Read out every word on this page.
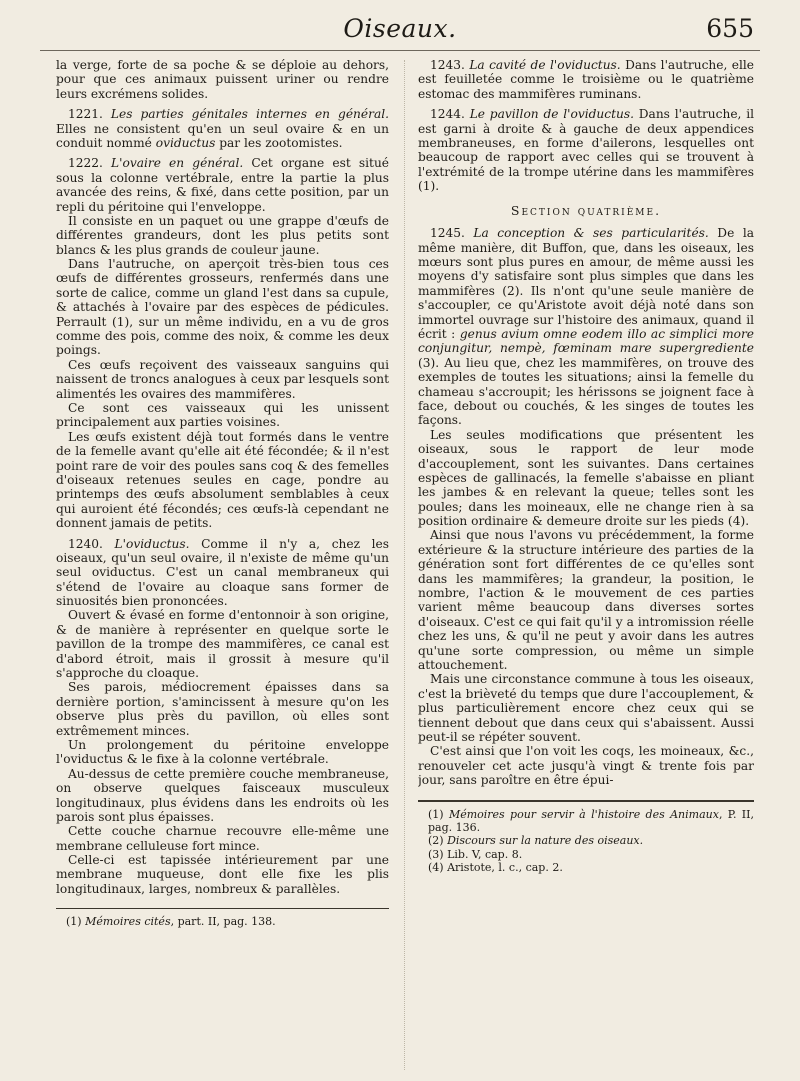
Oiseaux.	655

la verge, forte de sa poche & se déploie au dehors, pour que ces animaux puissent uriner ou rendre leurs excrémens solides.

1221. Les parties génitales internes en général. Elles ne consistent qu'en un seul ovaire & en un conduit nommé oviductus par les zootomistes.

1222. L'ovaire en général. Cet organe est situé sous la colonne vertébrale, entre la partie la plus avancée des reins, & fixé, dans cette position, par un repli du péritoine qui l'enveloppe.

Il consiste en un paquet ou une grappe d'œufs de différentes grandeurs, dont les plus petits sont blancs & les plus grands de couleur jaune.

Dans l'autruche, on aperçoit très-bien tous ces œufs de différentes grosseurs, renfermés dans une sorte de calice, comme un gland l'est dans sa cupule, & attachés à l'ovaire par des espèces de pédicules. Perrault (1), sur un même individu, en a vu de gros comme des pois, comme des noix, & comme les deux poings.

Ces œufs reçoivent des vaisseaux sanguins qui naissent de troncs analogues à ceux par lesquels sont alimentés les ovaires des mammifères.

Ce sont ces vaisseaux qui les unissent principalement aux parties voisines.

Les œufs existent déjà tout formés dans le ventre de la femelle avant qu'elle ait été fécondée; & il n'est point rare de voir des poules sans coq & des femelles d'oiseaux retenues seules en cage, pondre au printemps des œufs absolument semblables à ceux qui auroient été fécondés; ces œufs-là cependant ne donnent jamais de petits.

1240. L'oviductus. Comme il n'y a, chez les oiseaux, qu'un seul ovaire, il n'existe de même qu'un seul oviductus. C'est un canal membraneux qui s'étend de l'ovaire au cloaque sans former de sinuosités bien prononcées.

Ouvert & évasé en forme d'entonnoir à son origine, & de manière à représenter en quelque sorte le pavillon de la trompe des mammifères, ce canal est d'abord étroit, mais il grossit à mesure qu'il s'approche du cloaque.

Ses parois, médiocrement épaisses dans sa dernière portion, s'amincissent à mesure qu'on les observe plus près du pavillon, où elles sont extrêmement minces.

Un prolongement du péritoine enveloppe l'oviductus & le fixe à la colonne vertébrale.

Au-dessus de cette première couche membraneuse, on observe quelques faisceaux musculeux longitudinaux, plus évidens dans les endroits où les parois sont plus épaisses.

Cette couche charnue recouvre elle-même une membrane celluleuse fort mince.

Celle-ci est tapissée intérieurement par une membrane muqueuse, dont elle fixe les plis longitudinaux, larges, nombreux & parallèles.

(1) Mémoires cités, part. II, pag. 138.

1243. La cavité de l'oviductus. Dans l'autruche, elle est feuilletée comme le troisième ou le quatrième estomac des mammifères ruminans.

1244. Le pavillon de l'oviductus. Dans l'autruche, il est garni à droite & à gauche de deux appendices membraneuses, en forme d'ailerons, lesquelles ont beaucoup de rapport avec celles qui se trouvent à l'extrémité de la trompe utérine dans les mammifères (1).

Section quatrième.

1245. La conception & ses particularités. De la même manière, dit Buffon, que, dans les oiseaux, les mœurs sont plus pures en amour, de même aussi les moyens d'y satisfaire sont plus simples que dans les mammifères (2). Ils n'ont qu'une seule manière de s'accoupler, ce qu'Aristote avoit déjà noté dans son immortel ouvrage sur l'histoire des animaux, quand il écrit : genus avium omne eodem illo ac simplici more conjungitur, nempè, fœminam mare supergrediente (3). Au lieu que, chez les mammifères, on trouve des exemples de toutes les situations; ainsi la femelle du chameau s'accroupit; les hérissons se joignent face à face, debout ou couchés, & les singes de toutes les façons.

Les seules modifications que présentent les oiseaux, sous le rapport de leur mode d'accouplement, sont les suivantes. Dans certaines espèces de gallinacés, la femelle s'abaisse en pliant les jambes & en relevant la queue; telles sont les poules; dans les moineaux, elle ne change rien à sa position ordinaire & demeure droite sur les pieds (4).

Ainsi que nous l'avons vu précédemment, la forme extérieure & la structure intérieure des parties de la génération sont fort différentes de ce qu'elles sont dans les mammifères; la grandeur, la position, le nombre, l'action & le mouvement de ces parties varient même beaucoup dans diverses sortes d'oiseaux. C'est ce qui fait qu'il y a intromission réelle chez les uns, & qu'il ne peut y avoir dans les autres qu'une sorte compression, ou même un simple attouchement.

Mais une circonstance commune à tous les oiseaux, c'est la brièveté du temps que dure l'accouplement, & plus particulièrement encore chez ceux qui se tiennent debout que dans ceux qui s'abaissent. Aussi peut-il se répéter souvent.

C'est ainsi que l'on voit les coqs, les moineaux, &c., renouveler cet acte jusqu'à vingt & trente fois par jour, sans paroître en être épui-

(1) Mémoires pour servir à l'histoire des Animaux, P. II, pag. 136.

(2) Discours sur la nature des oiseaux.

(3) Lib. V, cap. 8.

(4) Aristote, l. c., cap. 2.
